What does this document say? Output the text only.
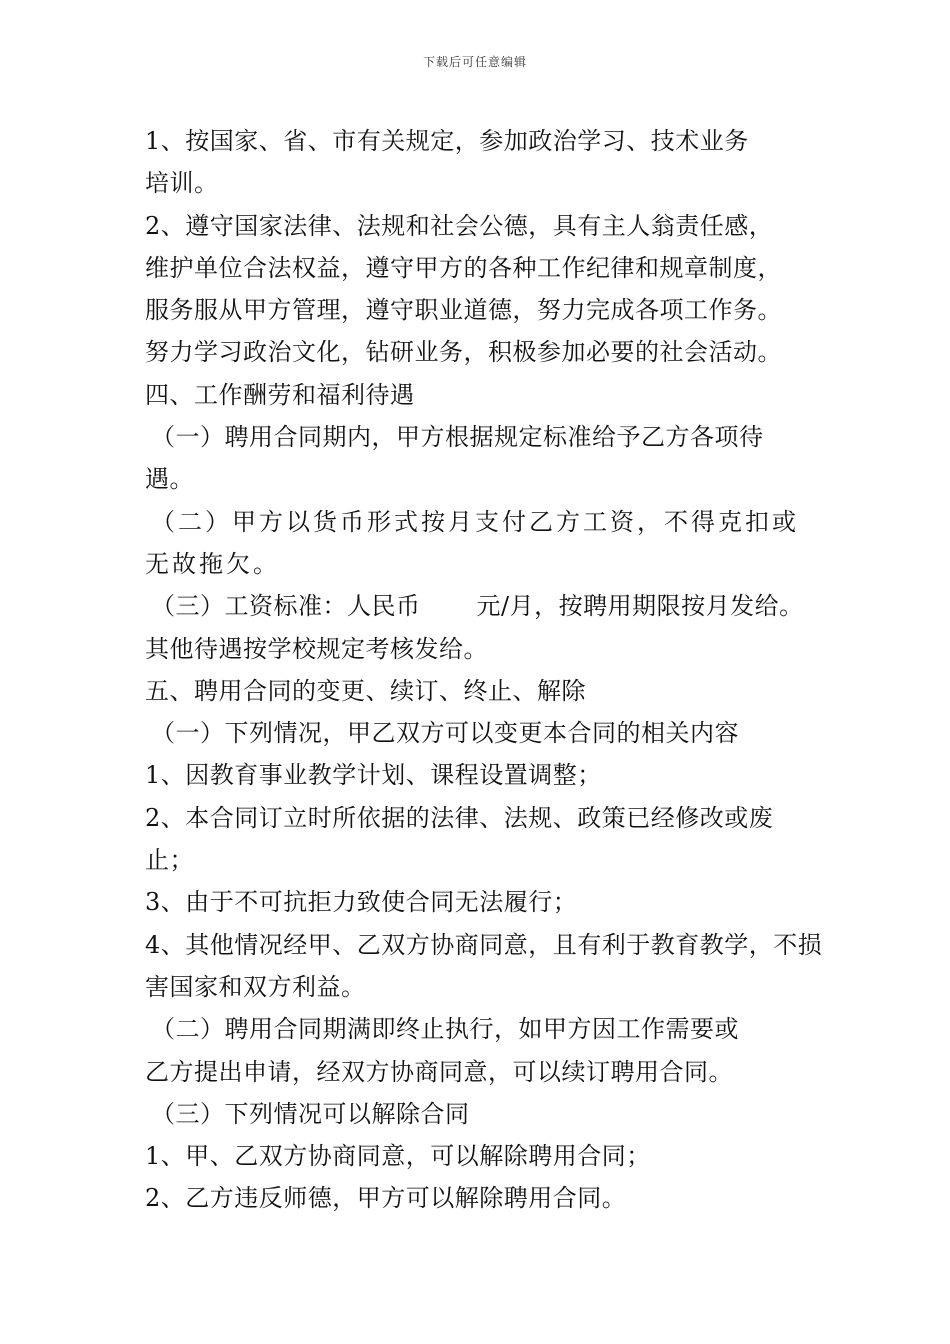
下载后可任意编辑
1、按国家、省、市有关规定，参加政治学习、技术业务
培训。
2、遵守国家法律、法规和社会公德，具有主人翁责任感，
维护单位合法权益，遵守甲方的各种工作纪律和规章制度，
服务服从甲方管理，遵守职业道德，努力完成各项工作务。
努力学习政治文化，钻研业务，积极参加必要的社会活动。
四、工作酬劳和福利待遇
（一）聘用合同期内，甲方根据规定标准给予乙方各项待
遇。
（二）甲方以货币形式按月支付乙方工资，不得克扣或
无故拖欠。
（三）工资标准：人民币 元/月，按聘用期限按月发给。
其他待遇按学校规定考核发给。
五、聘用合同的变更、续订、终止、解除
（一）下列情况，甲乙双方可以变更本合同的相关内容
1、因教育事业教学计划、课程设置调整；
2、本合同订立时所依据的法律、法规、政策已经修改或废
止；
3、由于不可抗拒力致使合同无法履行；
4、其他情况经甲、乙双方协商同意，且有利于教育教学，不损
害国家和双方利益。
（二）聘用合同期满即终止执行，如甲方因工作需要或
乙方提出申请，经双方协商同意，可以续订聘用合同。
（三）下列情况可以解除合同
1、甲、乙双方协商同意，可以解除聘用合同；
2、乙方违反师德，甲方可以解除聘用合同。
